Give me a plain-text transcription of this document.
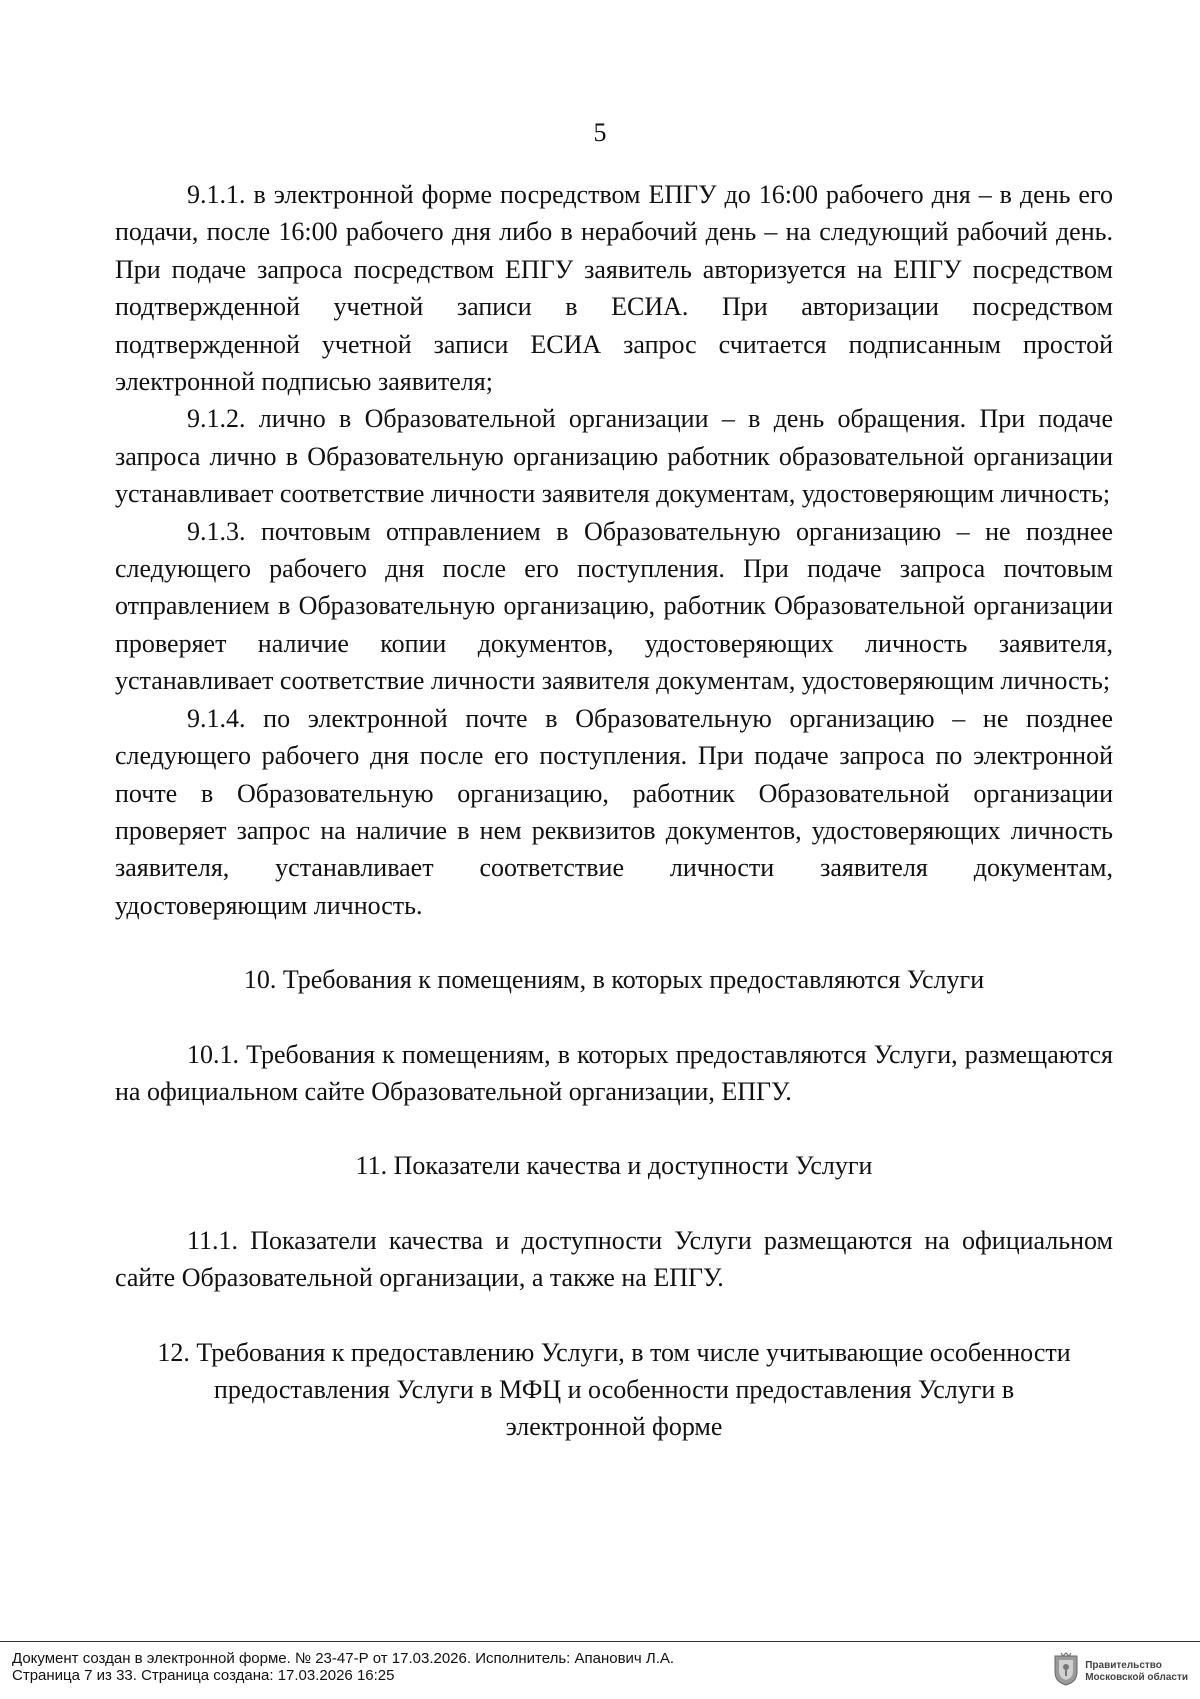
5

9.1.1. в электронной форме посредством ЕПГУ до 16:00 рабочего дня – в день его подачи, после 16:00 рабочего дня либо в нерабочий день – на следующий рабочий день. При подаче запроса посредством ЕПГУ заявитель авторизуется на ЕПГУ посредством подтвержденной учетной записи в ЕСИА. При авторизации посредством подтвержденной учетной записи ЕСИА запрос считается подписанным простой электронной подписью заявителя;

9.1.2. лично в Образовательной организации – в день обращения. При подаче запроса лично в Образовательную организацию работник образовательной организации устанавливает соответствие личности заявителя документам, удостоверяющим личность;

9.1.3. почтовым отправлением в Образовательную организацию – не позднее следующего рабочего дня после его поступления. При подаче запроса почтовым отправлением в Образовательную организацию, работник Образовательной организации проверяет наличие копии документов, удостоверяющих личность заявителя, устанавливает соответствие личности заявителя документам, удостоверяющим личность;

9.1.4. по электронной почте в Образовательную организацию – не позднее следующего рабочего дня после его поступления. При подаче запроса по электронной почте в Образовательную организацию, работник Образовательной организации проверяет запрос на наличие в нем реквизитов документов, удостоверяющих личность заявителя, устанавливает соответствие личности заявителя документам, удостоверяющим личность.

10. Требования к помещениям, в которых предоставляются Услуги

10.1. Требования к помещениям, в которых предоставляются Услуги, размещаются на официальном сайте Образовательной организации, ЕПГУ.

11. Показатели качества и доступности Услуги

11.1. Показатели качества и доступности Услуги размещаются на официальном сайте Образовательной организации, а также на ЕПГУ.

12. Требования к предоставлению Услуги, в том числе учитывающие особенности предоставления Услуги в МФЦ и особенности предоставления Услуги в электронной форме

Документ создан в электронной форме. № 23-47-Р от 17.03.2026. Исполнитель: Апанович Л.А.
Страница 7 из 33. Страница создана: 17.03.2026 16:25
Правительство
Московской области
